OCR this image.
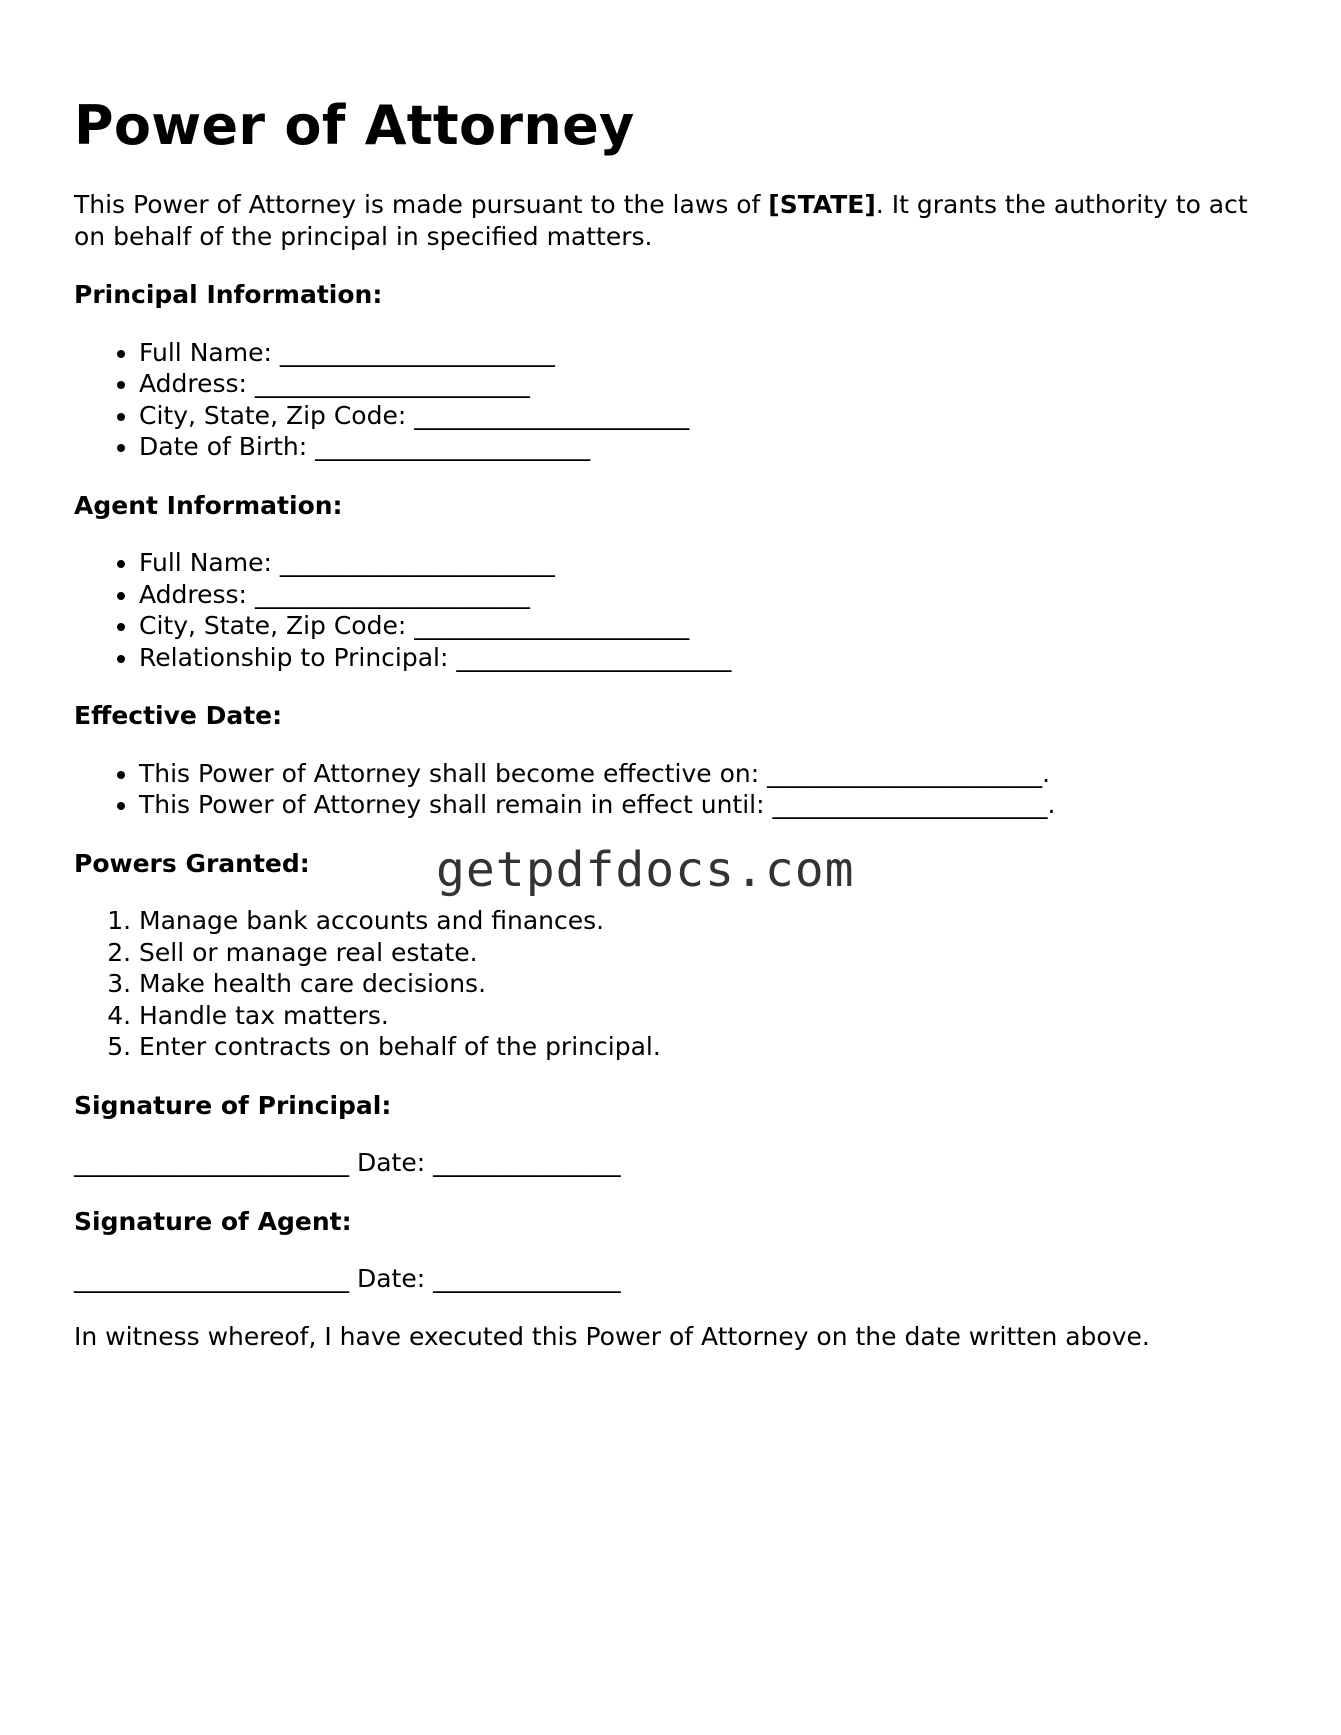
Power of Attorney

This Power of Attorney is made pursuant to the laws of [STATE]. It grants the authority to act on behalf of the principal in specified matters.

Principal Information:
• Full Name: ______________________
• Address: ______________________
• City, State, Zip Code: ______________________
• Date of Birth: ______________________
Agent Information:
• Full Name: ______________________
• Address: ______________________
• City, State, Zip Code: ______________________
• Relationship to Principal: ______________________
Effective Date:
• This Power of Attorney shall become effective on: ______________________.
• This Power of Attorney shall remain in effect until: ______________________.
Powers Granted:
1. Manage bank accounts and finances.
2. Sell or manage real estate.
3. Make health care decisions.
4. Handle tax matters.
5. Enter contracts on behalf of the principal.
Signature of Principal:
______________________ Date: _______________
Signature of Agent:
______________________ Date: _______________

In witness whereof, I have executed this Power of Attorney on the date written above.

getpdfdocs.com
